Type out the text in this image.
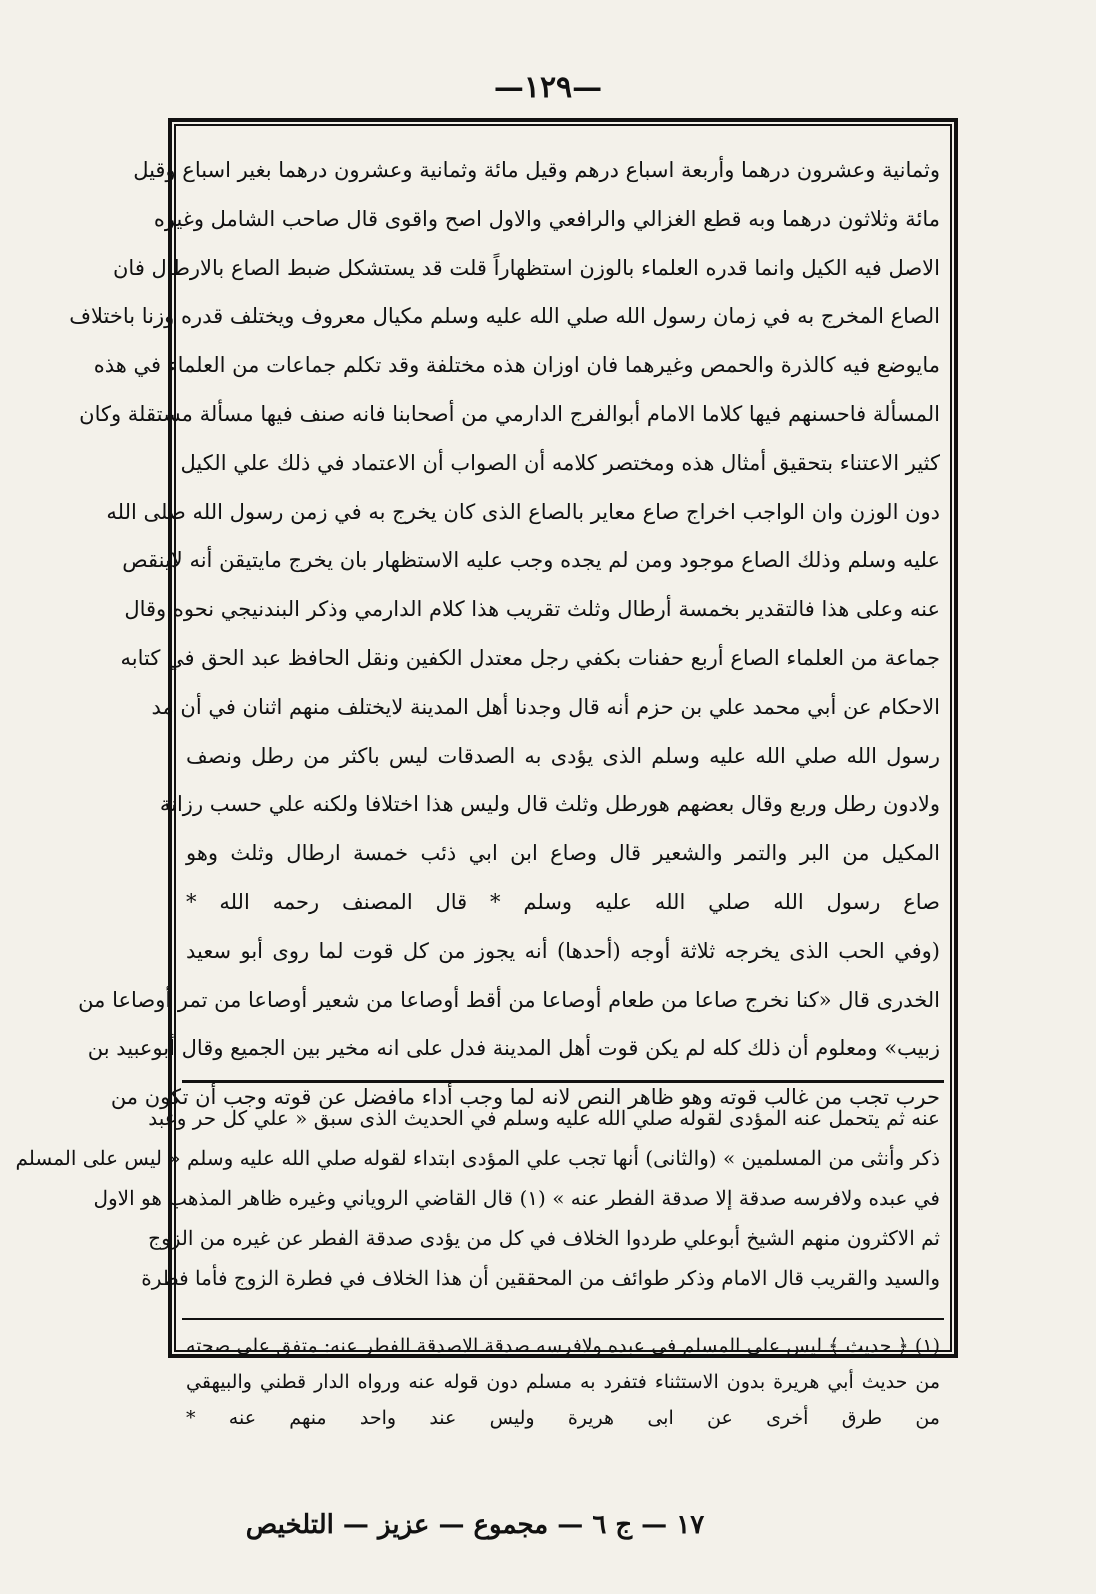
—١٢٩—
وثمانية وعشرون درهما وأربعة اسباع درهم وقيل مائة وثمانية وعشرون درهما بغير اسباع وقيل
مائة وثلاثون درهما وبه قطع الغزالي والرافعي والاول اصح واقوى قال صاحب الشامل وغيره
الاصل فيه الكيل وانما قدره العلماء بالوزن استظهاراً قلت قد يستشكل ضبط الصاع بالارطال فان
الصاع المخرج به في زمان رسول الله صلي الله عليه وسلم مكيال معروف ويختلف قدره وزنا باختلاف
مايوضع فيه كالذرة والحمص وغيرهما فان اوزان هذه مختلفة وقد تكلم جماعات من العلماء في هذه
المسألة فاحسنهم فيها كلاما الامام أبوالفرج الدارمي من أصحابنا فانه صنف فيها مسألة مستقلة وكان
كثير الاعتناء بتحقيق أمثال هذه ومختصر كلامه أن الصواب أن الاعتماد في ذلك علي الكيل
دون الوزن وان الواجب اخراج صاع معاير بالصاع الذى كان يخرج به في زمن رسول الله صلى الله
عليه وسلم وذلك الصاع موجود ومن لم يجده وجب عليه الاستظهار بان يخرج مايتيقن أنه لاينقص
عنه وعلى هذا فالتقدير بخمسة أرطال وثلث تقريب هذا كلام الدارمي وذكر البندنيجي نحوه وقال
جماعة من العلماء الصاع أربع حفنات بكفي رجل معتدل الكفين ونقل الحافظ عبد الحق في كتابه
الاحكام عن أبي محمد علي بن حزم أنه قال وجدنا أهل المدينة لايختلف منهم اثنان في أن مد
رسول الله صلي الله عليه وسلم الذى يؤدى به الصدقات ليس باكثر من رطل ونصف
ولادون رطل وربع وقال بعضهم هورطل وثلث قال وليس هذا اختلافا ولكنه علي حسب رزانة
المكيل من البر والتمر والشعير قال وصاع ابن ابي ذئب خمسة ارطال وثلث وهو
صاع رسول الله صلي الله عليه وسلم * قال المصنف رحمه الله *
(وفي الحب الذى يخرجه ثلاثة أوجه (أحدها) أنه يجوز من كل قوت لما روى أبو سعيد
الخدرى قال «كنا نخرج صاعا من طعام أوصاعا من أقط أوصاعا من شعير أوصاعا من تمر أوصاعا من
زبيب» ومعلوم أن ذلك كله لم يكن قوت أهل المدينة فدل على انه مخير بين الجميع وقال أبوعبيد بن
حرب تجب من غالب قوته وهو ظاهر النص لانه لما وجب أداء مافضل عن قوته وجب أن تكون من
عنه ثم يتحمل عنه المؤدى لقوله صلي الله عليه وسلم في الحديث الذى سبق « علي كل حر وعبد
ذكر وأنثى من المسلمين » (والثانى) أنها تجب علي المؤدى ابتداء لقوله صلي الله عليه وسلم « ليس على المسلم
في عبده ولافرسه صدقة إلا صدقة الفطر عنه » (١) قال القاضي الروياني وغيره ظاهر المذهب هو الاول
ثم الاكثرون منهم الشيخ أبوعلي طردوا الخلاف في كل من يؤدى صدقة الفطر عن غيره من الزوج
والسيد والقريب قال الامام وذكر طوائف من المحققين أن هذا الخلاف في فطرة الزوج فأما فطرة
(١) ﴿ حديث ﴾ ليس على المسلم في عبده ولافرسه صدقة الاصدقة الفطر عنه: متفق على صحته
من حديث أبي هريرة بدون الاستثناء فتفرد به مسلم دون قوله عنه ورواه الدار قطني والبيهقي
من طرق أخرى عن ابى هريرة وليس عند واحد منهم عنه *
١٧ — ج ٦ — مجموع — عزيز — التلخيص
